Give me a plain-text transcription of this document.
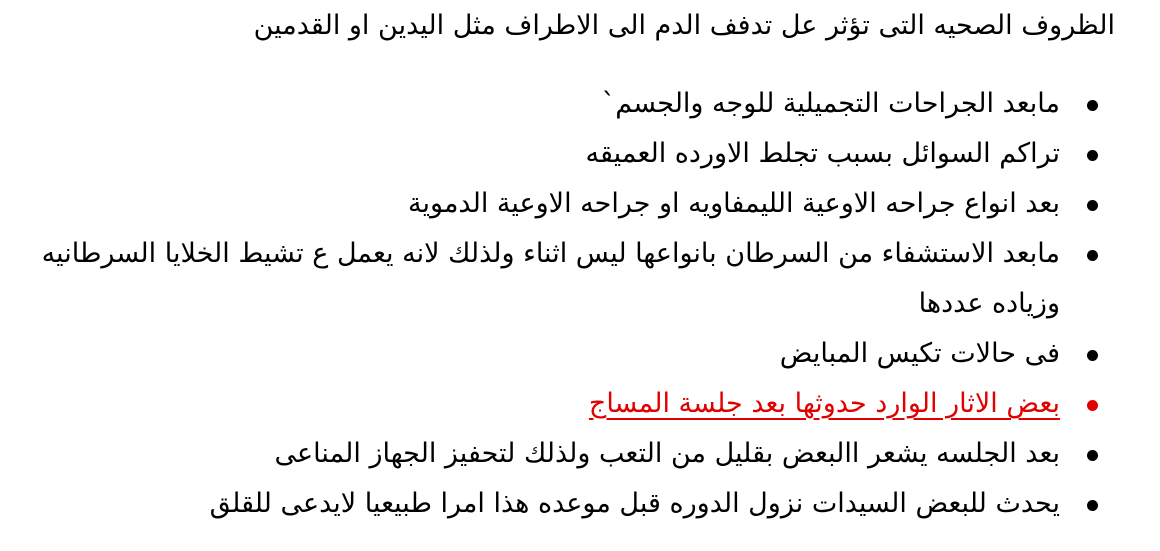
الظروف الصحيه التى تؤثر عل تدفف الدم الى الاطراف مثل اليدين او القدمين
مابعد الجراحات التجميلية للوجه والجسم`
تراكم السوائل بسبب تجلط الاورده العميقه
بعد انواع جراحه الاوعية الليمفاويه او جراحه الاوعية الدموية
مابعد الاستشفاء من السرطان بانواعها ليس اثناء ولذلك لانه يعمل ع تشيط الخلايا السرطانيه وزياده عددها
فى حالات تكيس المبايض
بعض الاثار الوارد حدوثها بعد جلسة المساج
بعد الجلسه يشعر االبعض بقليل من التعب ولذلك لتحفيز الجهاز المناعى
يحدث للبعض السيدات نزول الدوره قبل موعده هذا امرا طبيعيا لايدعى للقلق
